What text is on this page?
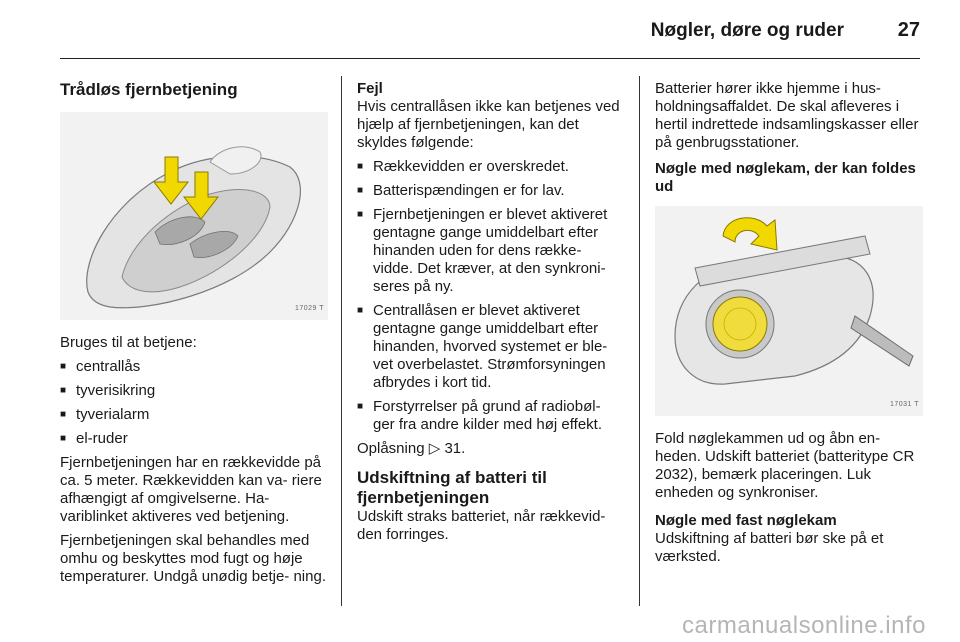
Nøgler, døre og ruder	27
Trådløs fjernbetjening
17029 T

Bruges til at betjene:

■ centrallås
■ tyverisikring
■ tyverialarm
■ el-ruder

Fjernbetjeningen har en rækkevidde på ca. 5 meter. Rækkevidden kan va- riere afhængigt af omgivelserne. Ha- variblinket aktiveres ved betjening.

Fjernbetjeningen skal behandles med omhu og beskyttes mod fugt og høje temperaturer. Undgå unødig betje- ning.

Fejl

Hvis centrallåsen ikke kan betjenes ved hjælp af fjernbetjeningen, kan det skyldes følgende:

■ Rækkevidden er overskredet.
■ Batterispændingen er for lav.
■ Fjernbetjeningen er blevet aktiveret gentagne gange umiddelbart efter hinanden uden for dens række- vidde. Det kræver, at den synkroni- seres på ny.
■ Centrallåsen er blevet aktiveret gentagne gange umiddelbart efter hinanden, hvorved systemet er ble- vet overbelastet. Strømforsyningen afbrydes i kort tid.
■ Forstyrrelser på grund af radiobøl- ger fra andre kilder med høj effekt.

Oplåsning ▷ 31.

Udskiftning af batteri til fjernbetjeningen

Udskift straks batteriet, når rækkevid- den forringes.

Batterier hører ikke hjemme i hus- holdningsaffaldet. De skal afleveres i hertil indrettede indsamlingskasser eller på genbrugsstationer.

Nøgle med nøglekam, der kan foldes ud
17031 T

Fold nøglekammen ud og åbn en- heden. Udskift batteriet (batteritype CR 2032), bemærk placeringen. Luk enheden og synkroniser.

Nøgle med fast nøglekam

Udskiftning af batteri bør ske på et værksted.

carmanualsonline.info
